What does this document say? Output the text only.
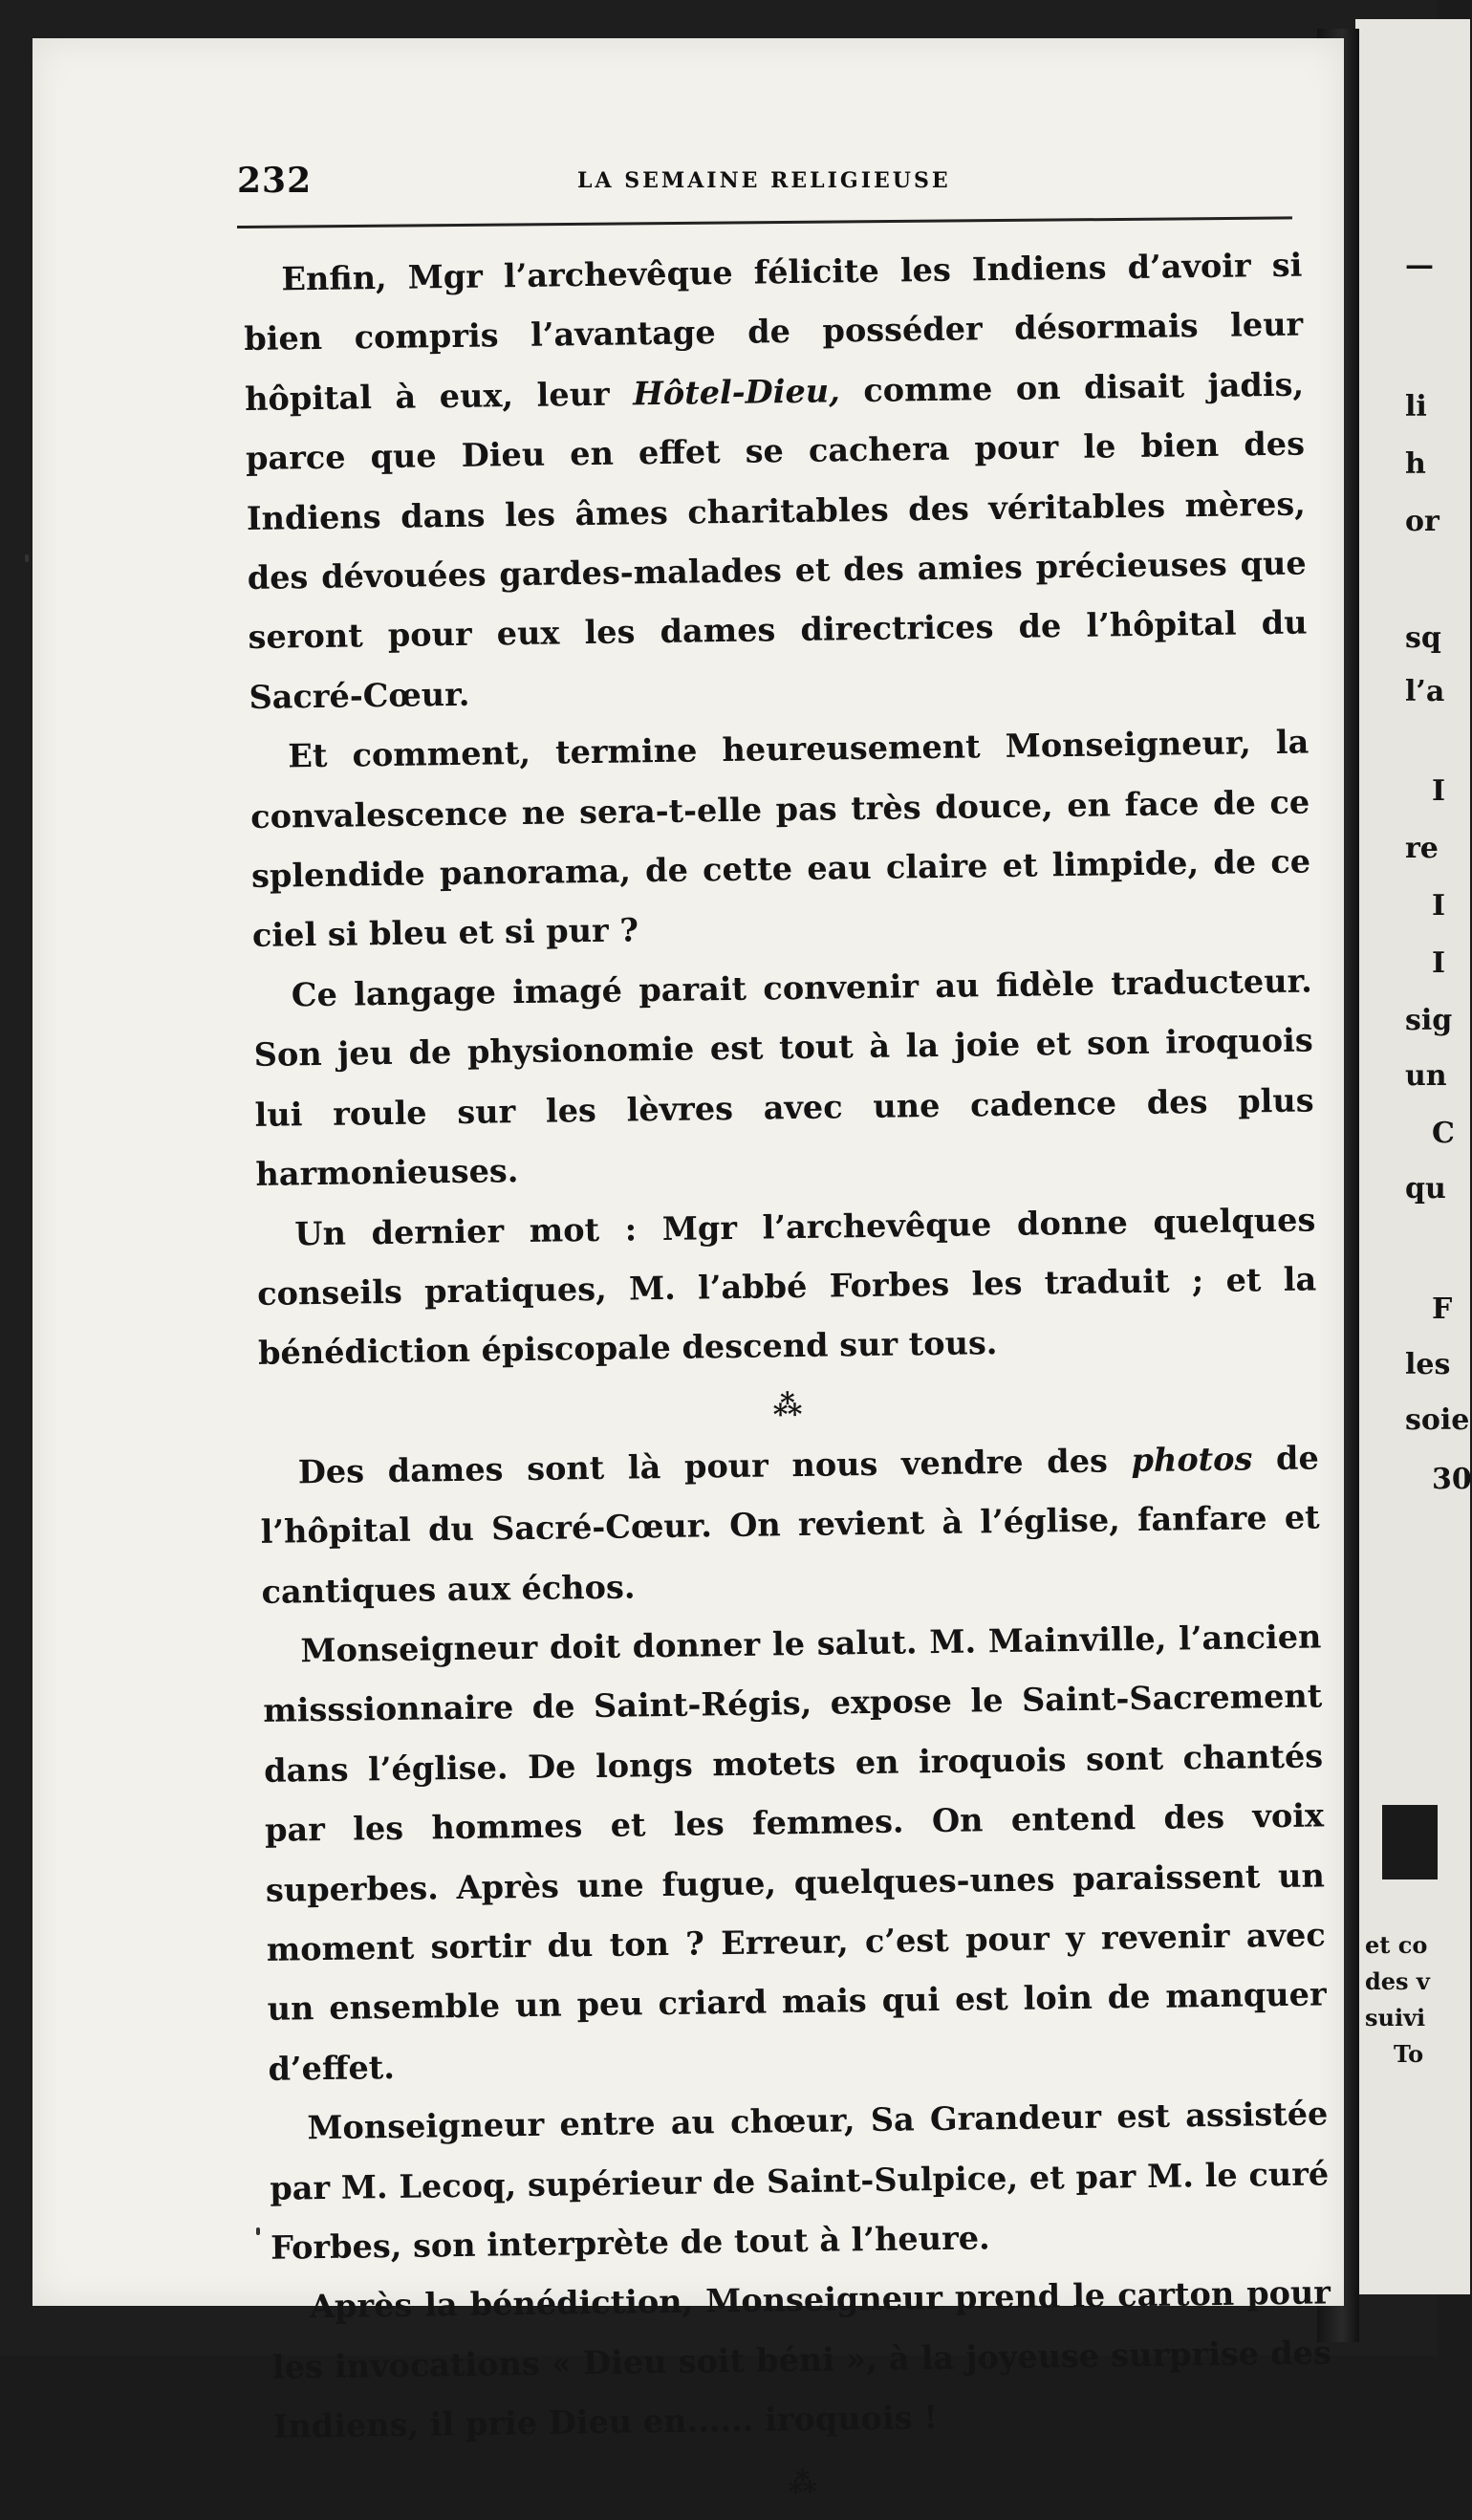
—
li
h
or
sq
l’a
I
re
I
I
sig
un
C
qu
F
les
soie
30
et co
des v
suivi
To
232	LA SEMAINE RELIGIEUSE

Enfin, Mgr l’archevêque félicite les Indiens d’avoir si bien compris l’avantage de posséder désormais leur hôpital à eux, leur Hôtel-Dieu, comme on disait jadis, parce que Dieu en effet se cachera pour le bien des Indiens dans les âmes charitables des véritables mères, des dévouées gardes-malades et des amies précieuses que seront pour eux les dames directrices de l’hôpital du Sacré-Cœur.

Et comment, termine heureusement Monseigneur, la convalescence ne sera-t-elle pas très douce, en face de ce splendide panorama, de cette eau claire et limpide, de ce ciel si bleu et si pur ?

Ce langage imagé parait convenir au fidèle traducteur. Son jeu de physionomie est tout à la joie et son iroquois lui roule sur les lèvres avec une cadence des plus harmonieuses.

Un dernier mot : Mgr l’archevêque donne quelques conseils pratiques, M. l’abbé Forbes les traduit ; et la bénédiction épiscopale descend sur tous.

⁂

Des dames sont là pour nous vendre des photos de l’hôpital du Sacré-Cœur. On revient à l’église, fanfare et cantiques aux échos.

Monseigneur doit donner le salut. M. Mainville, l’ancien misssionnaire de Saint-Régis, expose le Saint-Sacrement dans l’église. De longs motets en iroquois sont chantés par les hommes et les femmes. On entend des voix superbes. Après une fugue, quelques-unes paraissent un moment sortir du ton ? Erreur, c’est pour y revenir avec un ensemble un peu criard mais qui est loin de manquer d’effet.

Monseigneur entre au chœur, Sa Grandeur est assistée par M. Lecoq, supérieur de Saint-Sulpice, et par M. le curé Forbes, son interprète de tout à l’heure.

Après la bénédiction, Monseigneur prend le carton pour les invocations « Dieu soit béni », à la joyeuse surprise des Indiens, il prie Dieu en...... iroquois !

⁂
